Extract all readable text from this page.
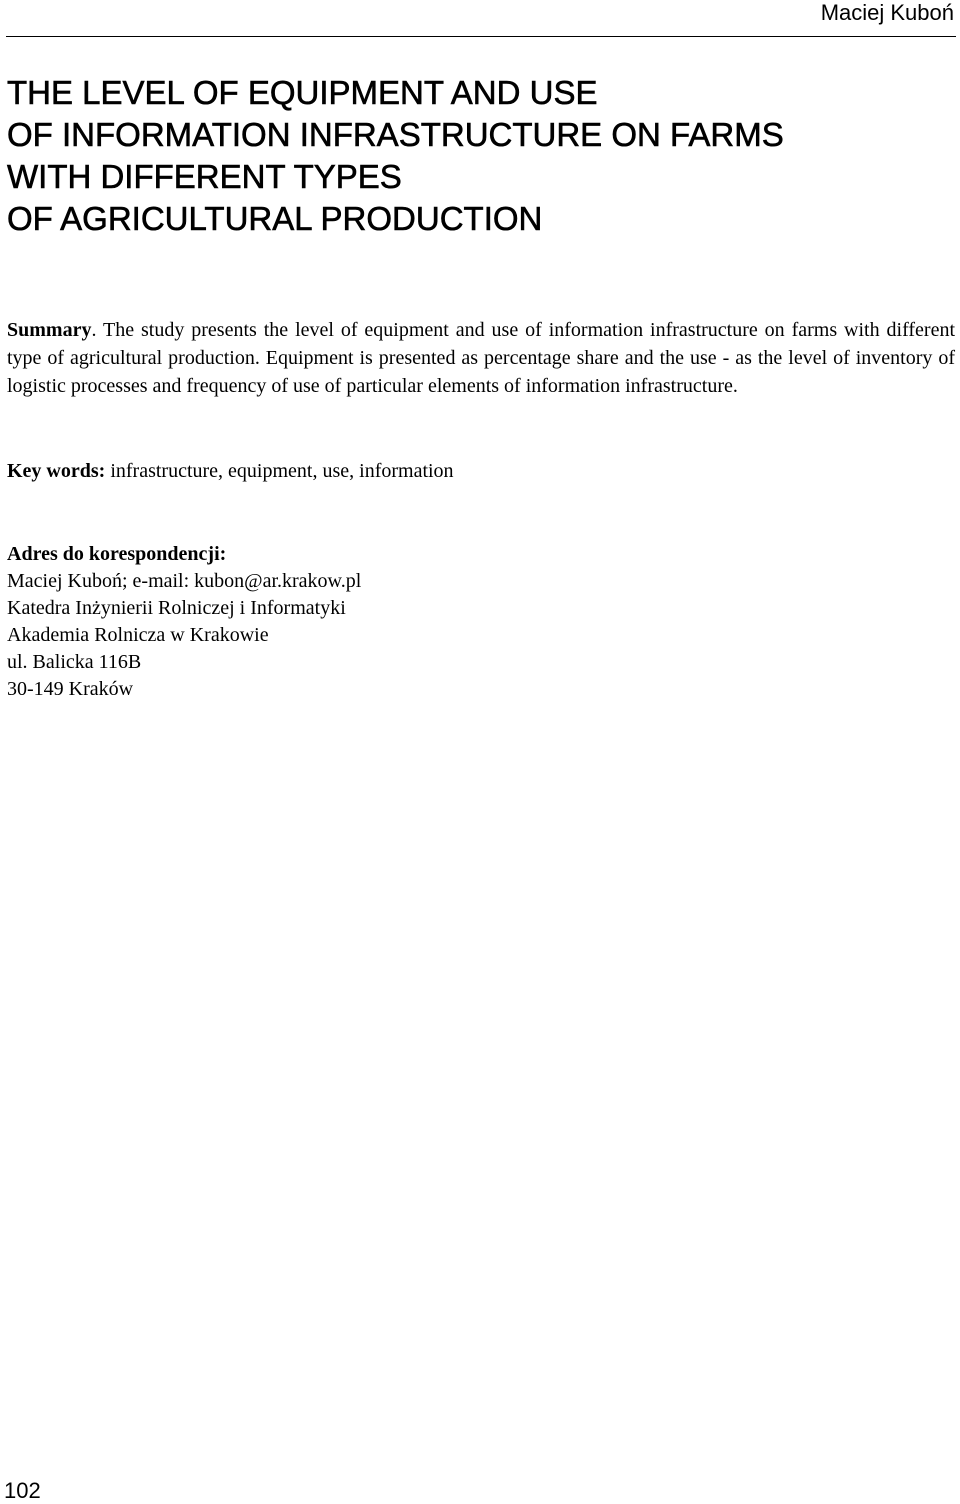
Maciej Kuboń
THE LEVEL OF EQUIPMENT AND USE
OF INFORMATION INFRASTRUCTURE ON FARMS
WITH DIFFERENT TYPES
OF AGRICULTURAL PRODUCTION

Summary. The study presents the level of equipment and use of information infrastructure on farms with different type of agricultural production. Equipment is presented as percentage share and the use - as the level of inventory of logistic processes and frequency of use of particular elements of information infrastructure.

Key words: infrastructure, equipment, use, information

Adres do korespondencji:
Maciej Kuboń; e-mail: kubon@ar.krakow.pl
Katedra Inżynierii Rolniczej i Informatyki
Akademia Rolnicza w Krakowie
ul. Balicka 116B
30-149 Kraków
102
